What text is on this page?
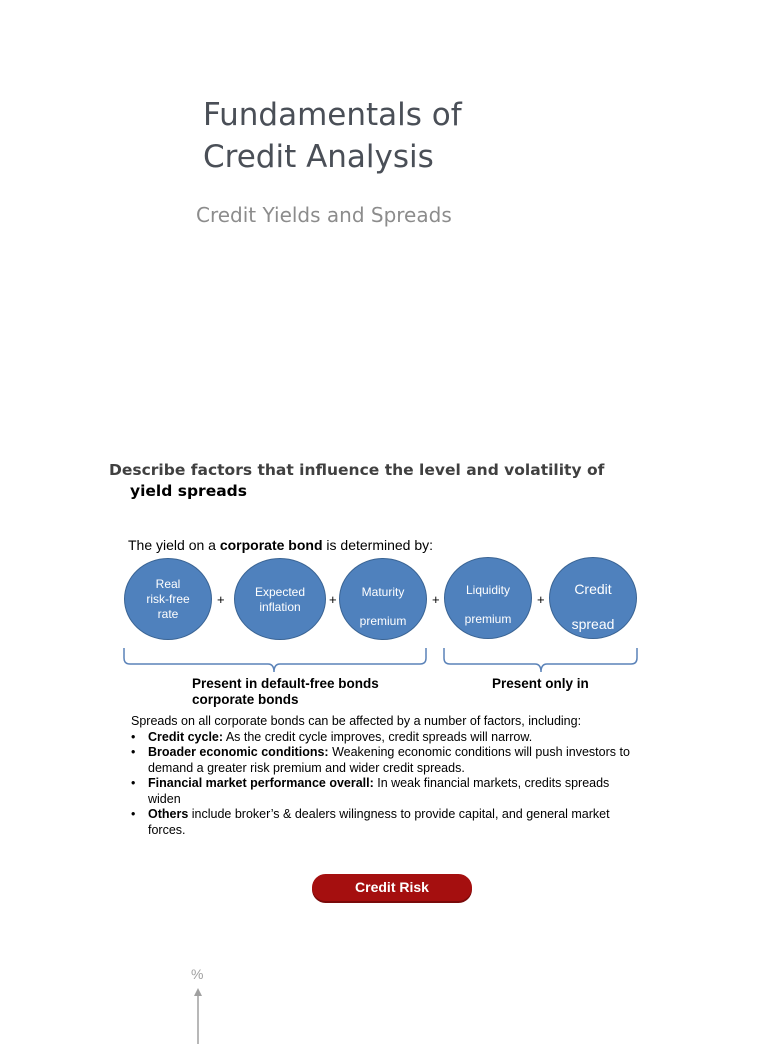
Fundamentals of
Credit Analysis
Credit Yields and Spreads
Describe factors that influence the level and volatility of
yield spreads
The yield on a corporate bond is determined by:
Real
risk-free
rate
+	Expected
inflation	+	Maturity
premium
+
Liquidity
premium
+
Credit
spread
Present in default-free bonds
corporate bonds
Present only in
Spreads on all corporate bonds can be affected by a number of factors, including:
• Credit cycle: As the credit cycle improves, credit spreads will narrow.
• Broader economic conditions: Weakening economic conditions will push investors to demand a greater risk premium and wider credit spreads.
• Financial market performance overall: In weak financial markets, credits spreads widen
• Others include broker’s & dealers wilingness to provide capital, and general market forces.
Credit Risk
%
